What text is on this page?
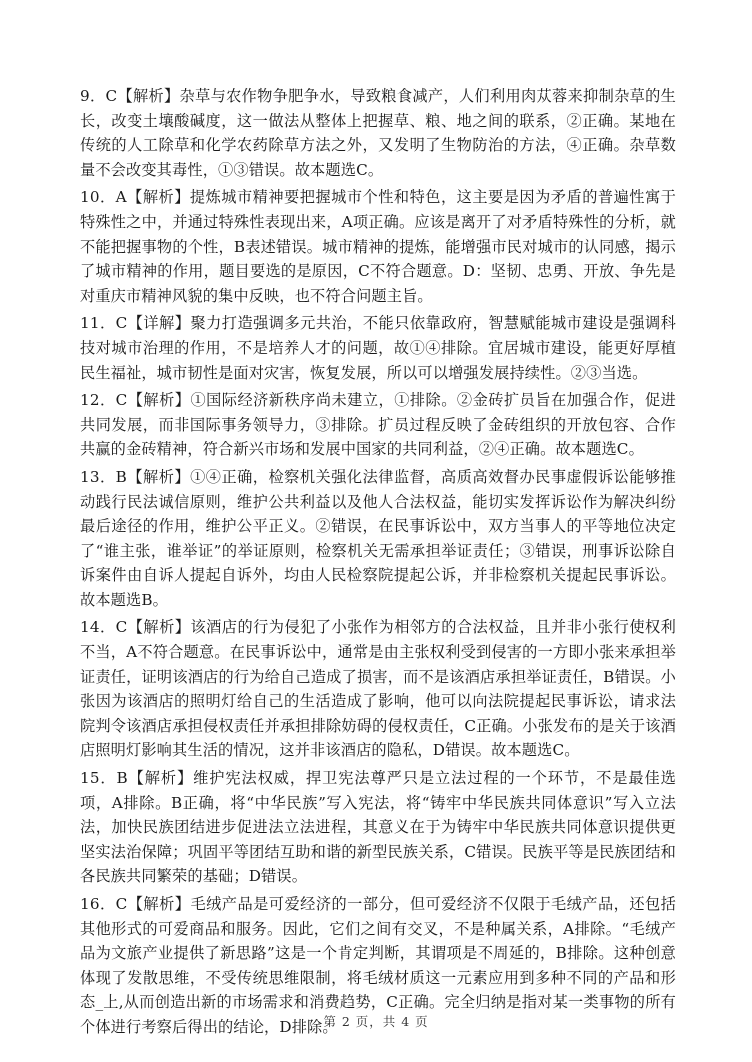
9．C【解析】杂草与农作物争肥争水，导致粮食减产，人们利用肉苁蓉来抑制杂草的生长，改变土壤酸碱度，这一做法从整体上把握草、粮、地之间的联系，②正确。某地在传统的人工除草和化学农药除草方法之外，又发明了生物防治的方法，④正确。杂草数量不会改变其毒性，①③错误。故本题选C。

10．A【解析】提炼城市精神要把握城市个性和特色，这主要是因为矛盾的普遍性寓于特殊性之中，并通过特殊性表现出来，A项正确。应该是离开了对矛盾特殊性的分析，就不能把握事物的个性，B表述错误。城市精神的提炼，能增强市民对城市的认同感，揭示了城市精神的作用，题目要选的是原因，C不符合题意。D：坚韧、忠勇、开放、争先是对重庆市精神风貌的集中反映，也不符合问题主旨。

11．C【详解】聚力打造强调多元共治，不能只依靠政府，智慧赋能城市建设是强调科技对城市治理的作用，不是培养人才的问题，故①④排除。宜居城市建设，能更好厚植民生福祉，城市韧性是面对灾害，恢复发展，所以可以增强发展持续性。②③当选。

12．C【解析】①国际经济新秩序尚未建立，①排除。②金砖扩员旨在加强合作，促进共同发展，而非国际事务领导力，③排除。扩员过程反映了金砖组织的开放包容、合作共赢的金砖精神，符合新兴市场和发展中国家的共同利益，②④正确。故本题选C。

13．B【解析】①④正确，检察机关强化法律监督，高质高效督办民事虚假诉讼能够推动践行民法诚信原则，维护公共利益以及他人合法权益，能切实发挥诉讼作为解决纠纷最后途径的作用，维护公平正义。②错误，在民事诉讼中，双方当事人的平等地位决定了“谁主张，谁举证”的举证原则，检察机关无需承担举证责任；③错误，刑事诉讼除自诉案件由自诉人提起自诉外，均由人民检察院提起公诉，并非检察机关提起民事诉讼。故本题选B。

14．C【解析】该酒店的行为侵犯了小张作为相邻方的合法权益，且并非小张行使权利不当，A不符合题意。在民事诉讼中，通常是由主张权利受到侵害的一方即小张来承担举证责任，证明该酒店的行为给自己造成了损害，而不是该酒店承担举证责任，B错误。小张因为该酒店的照明灯给自己的生活造成了影响，他可以向法院提起民事诉讼，请求法院判令该酒店承担侵权责任并承担排除妨碍的侵权责任，C正确。小张发布的是关于该酒店照明灯影响其生活的情况，这并非该酒店的隐私，D错误。故本题选C。

15．B【解析】维护宪法权威，捍卫宪法尊严只是立法过程的一个环节，不是最佳选项，A排除。B正确，将“中华民族”写入宪法，将“铸牢中华民族共同体意识”写入立法法，加快民族团结进步促进法立法进程，其意义在于为铸牢中华民族共同体意识提供更坚实法治保障；巩固平等团结互助和谐的新型民族关系，C错误。民族平等是民族团结和各民族共同繁荣的基础；D错误。

16．C【解析】毛绒产品是可爱经济的一部分，但可爱经济不仅限于毛绒产品，还包括其他形式的可爱商品和服务。因此，它们之间有交叉，不是种属关系，A排除。“毛绒产品为文旅产业提供了新思路”这是一个肯定判断，其谓项是不周延的，B排除。这种创意体现了发散思维，不受传统思维限制，将毛绒材质这一元素应用到多种不同的产品和形态_上,从而创造出新的市场需求和消费趋势，C正确。完全归纳是指对某一类事物的所有个体进行考察后得出的结论，D排除。

第 2 页，共 4 页
